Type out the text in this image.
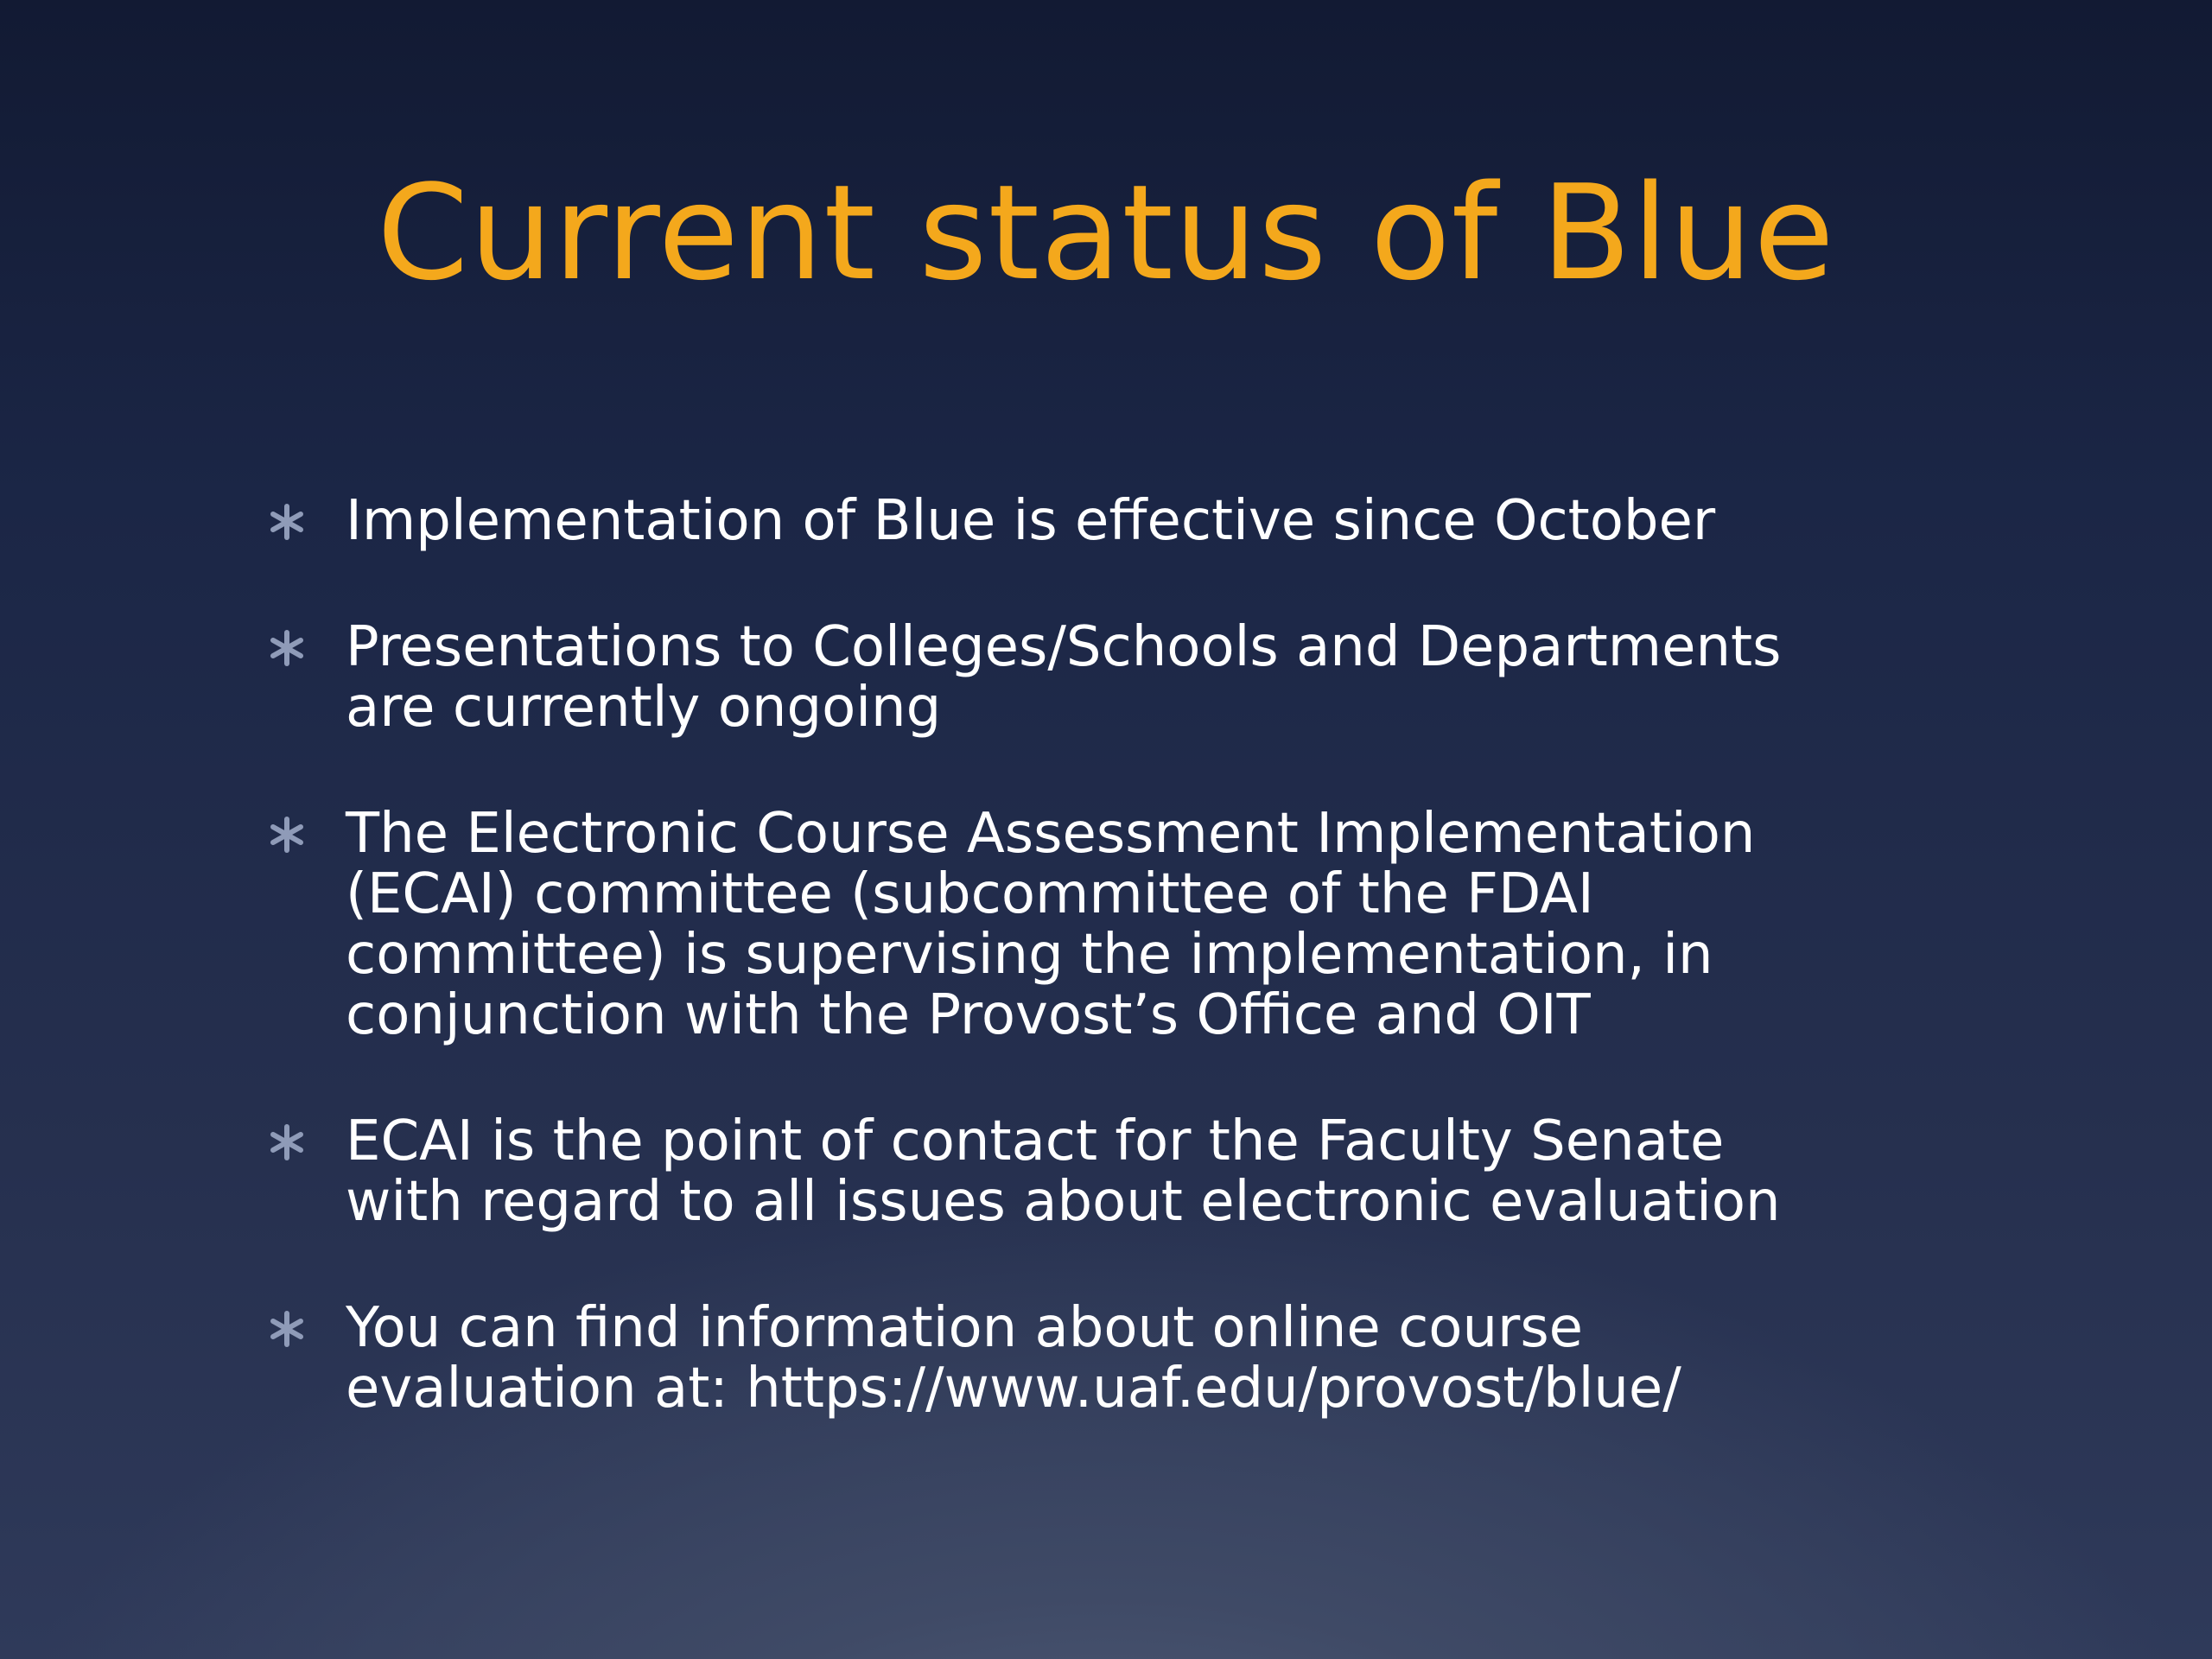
Current status of Blue
Implementation of Blue is effective since October
Presentations to Colleges/Schools and Departments
are currently ongoing
The Electronic Course Assessment Implementation
(ECAI) committee (subcommittee of the FDAI
committee) is supervising the implementation, in
conjunction with the Provost’s Office and OIT
ECAI is the point of contact for the Faculty Senate
with regard to all issues about electronic evaluation
You can find information about online course
evaluation at: https://www.uaf.edu/provost/blue/
